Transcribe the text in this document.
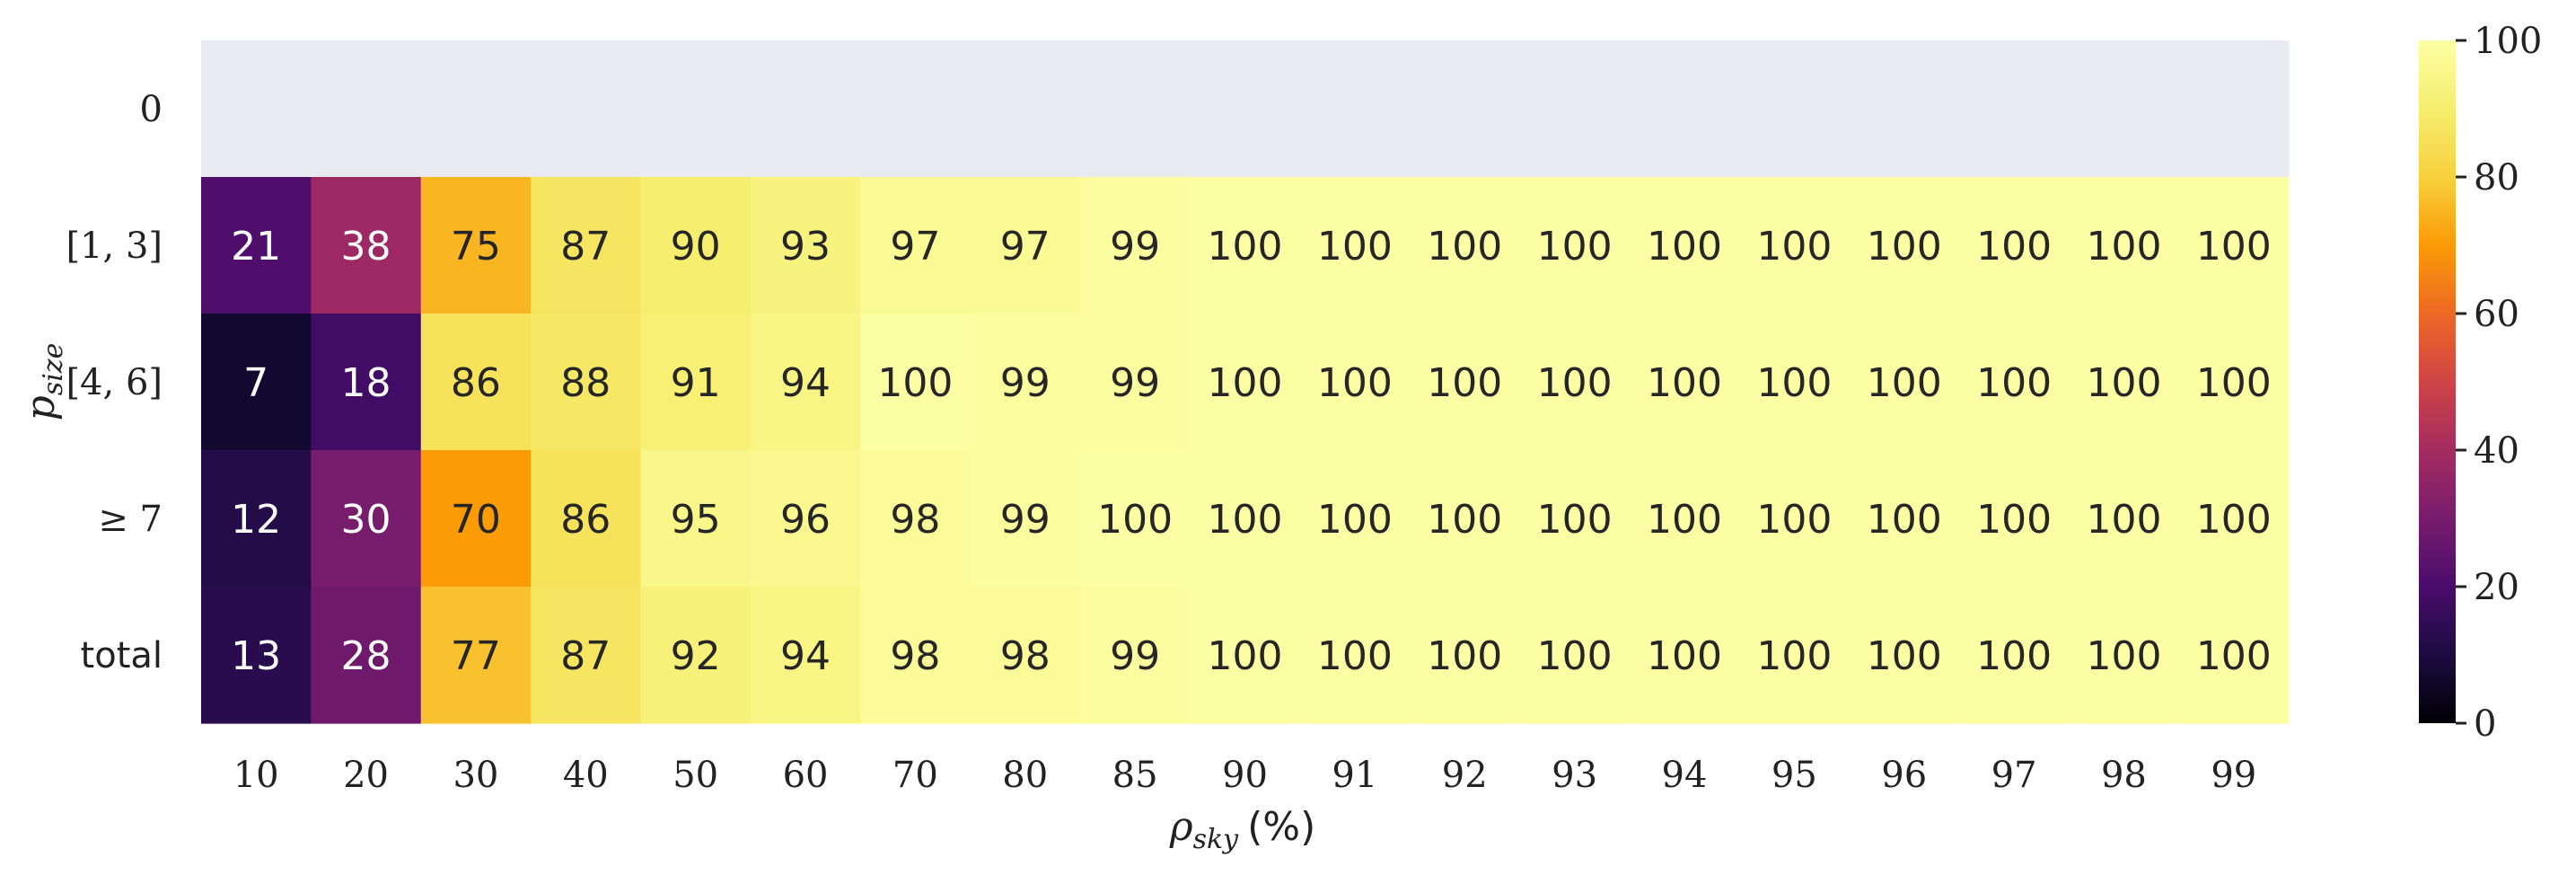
21 38 75 87 90 93 97 97 99 100 100 100 100 100 100 100 100 100 100
7 18 86 88 91 94 100 99 99 100 100 100 100 100 100 100 100 100 100
12 30 70 86 95 96 98 99 100 100 100 100 100 100 100 100 100 100 100
13 28 77 87 92 94 98 98 99 100 100 100 100 100 100 100 100 100 100
10 20 30 40 50 60 70 80 85 90 91 92 93 94 95 96 97 98 99
0
[1, 3]
[4, 6]
≥ 7
total
$\rho_{sky}$ (%)
$p_{size}$
0
20
40
60
80
100
